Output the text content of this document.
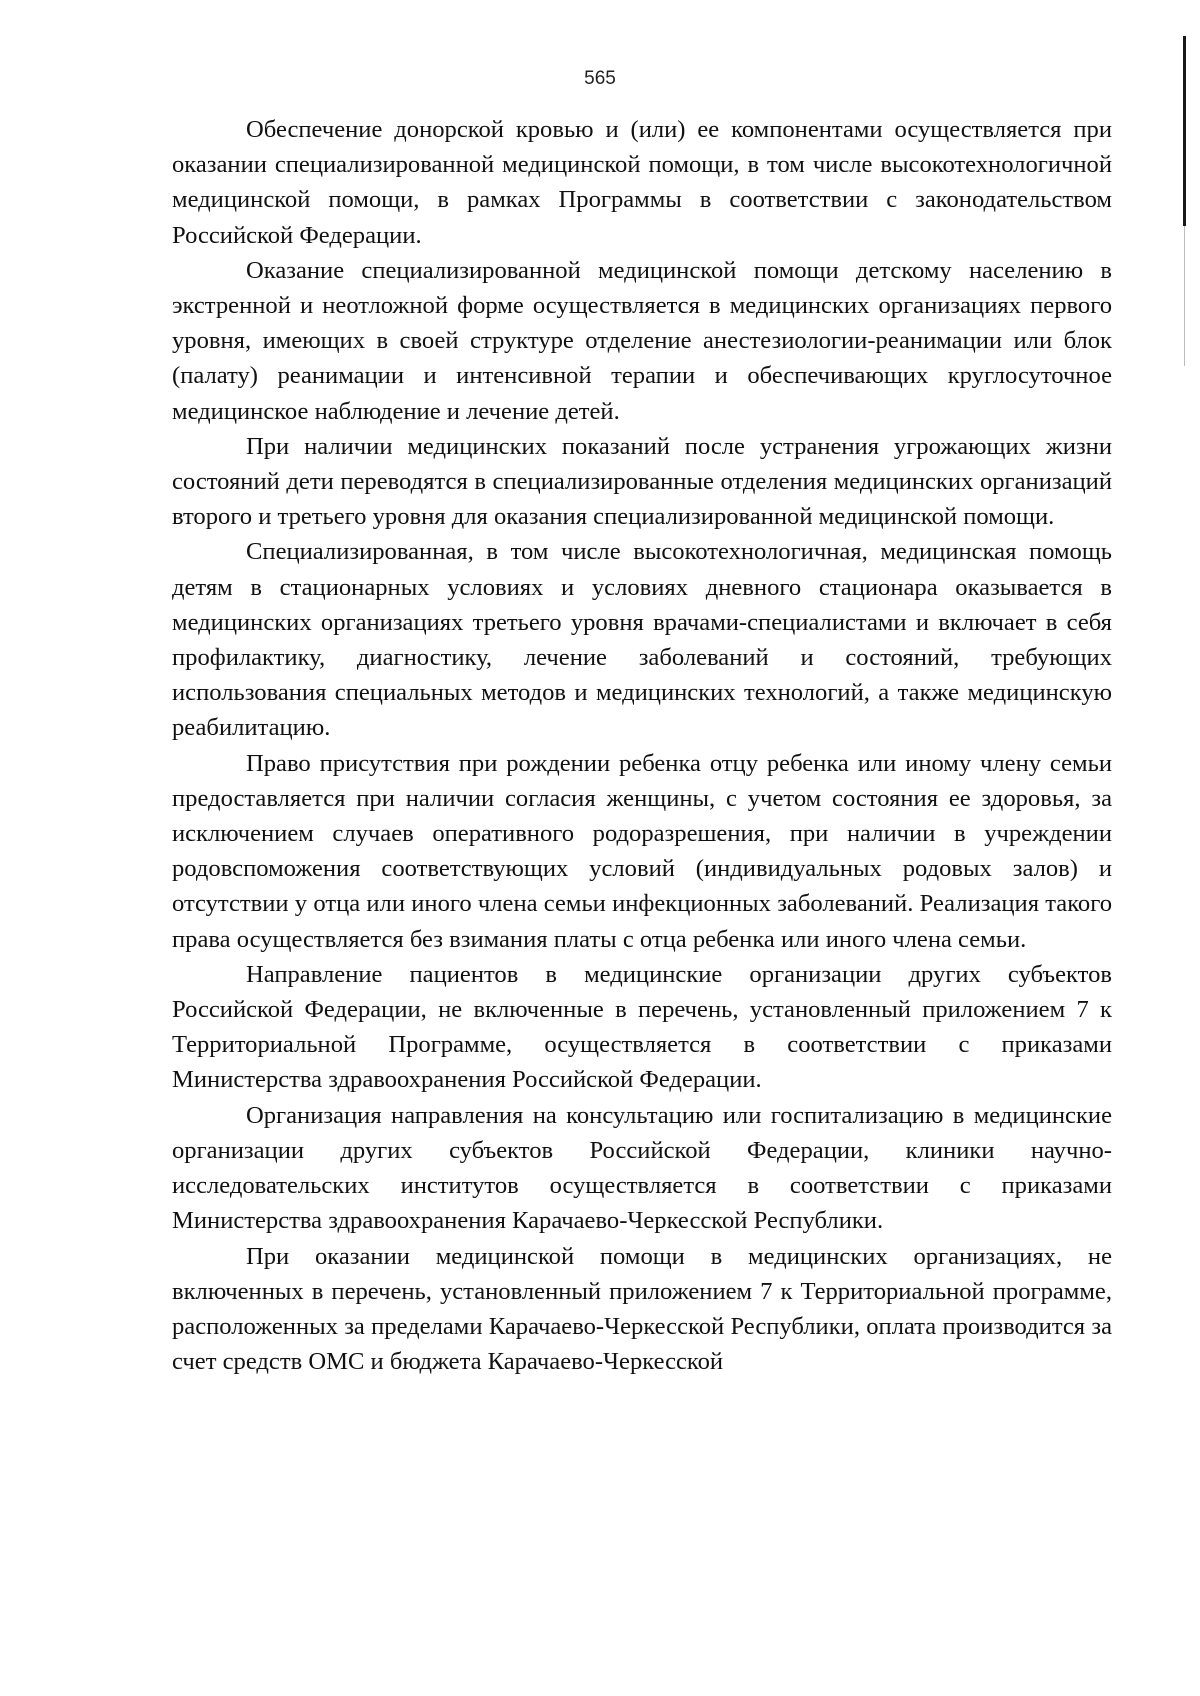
565

Обеспечение донорской кровью и (или) ее компонентами осуществляется при оказании специализированной медицинской помощи, в том числе высокотехнологичной медицинской помощи, в рамках Программы в соответствии с законодательством Российской Федерации.

Оказание специализированной медицинской помощи детскому населению в экстренной и неотложной форме осуществляется в медицинских организациях первого уровня, имеющих в своей структуре отделение анестезиологии-реанимации или блок (палату) реанимации и интенсивной терапии и обеспечивающих круглосуточное медицинское наблюдение и лечение детей.

При наличии медицинских показаний после устранения угрожающих жизни состояний дети переводятся в специализированные отделения медицинских организаций второго и третьего уровня для оказания специализированной медицинской помощи.

Специализированная, в том числе высокотехнологичная, медицинская помощь детям в стационарных условиях и условиях дневного стационара оказывается в медицинских организациях третьего уровня врачами-специалистами и включает в себя профилактику, диагностику, лечение заболеваний и состояний, требующих использования специальных методов и медицинских технологий, а также медицинскую реабилитацию.

Право присутствия при рождении ребенка отцу ребенка или иному члену семьи предоставляется при наличии согласия женщины, с учетом состояния ее здоровья, за исключением случаев оперативного родоразрешения, при наличии в учреждении родовспоможения соответствующих условий (индивидуальных родовых залов) и отсутствии у отца или иного члена семьи инфекционных заболеваний. Реализация такого права осуществляется без взимания платы с отца ребенка или иного члена семьи.

Направление пациентов в медицинские организации других субъектов Российской Федерации, не включенные в перечень, установленный приложением 7 к Территориальной Программе, осуществляется в соответствии с приказами Министерства здравоохранения Российской Федерации.

Организация направления на консультацию или госпитализацию в медицинские организации других субъектов Российской Федерации, клиники научно-исследовательских институтов осуществляется в соответствии с приказами Министерства здравоохранения Карачаево-Черкесской Республики.

При оказании медицинской помощи в медицинских организациях, не включенных в перечень, установленный приложением 7 к Территориальной программе, расположенных за пределами Карачаево-Черкесской Республики, оплата производится за счет средств ОМС и бюджета Карачаево-Черкесской
